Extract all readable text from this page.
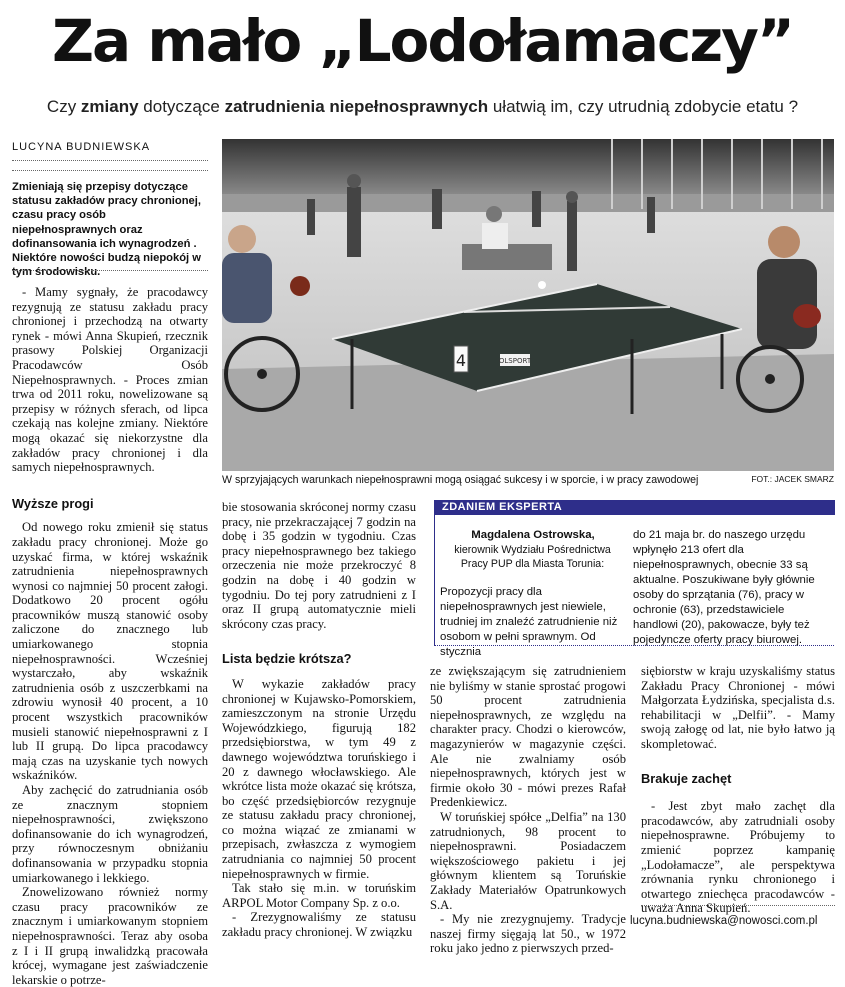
Za mało „Lodołamaczy”
Czy zmiany dotyczące zatrudnienia niepełnosprawnych ułatwią im, czy utrudnią zdobycie etatu ?
LUCYNA BUDNIEWSKA
Zmieniają się przepisy dotyczące statusu zakładów pracy chronionej, czasu pracy osób niepełnosprawnych oraz dofinansowania ich wynagrodzeń . Niektóre nowości budzą niepokój w tym środowisku.

- Mamy sygnały, że pracodawcy rezygnują ze statusu zakładu pracy chronionej i przechodzą na otwarty rynek - mówi Anna Skupień, rzecznik prasowy Polskiej Organizacji Pracodawców Osób Niepełnosprawnych. - Proces zmian trwa od 2011 roku, nowelizowane są przepisy w różnych sferach, od lipca czekają nas kolejne zmiany. Niektóre mogą okazać się niekorzystne dla zakładów pracy chronionej i dla samych niepełnosprawnych.

Wyższe progi

Od nowego roku zmienił się status zakładu pracy chronionej. Może go uzyskać firma, w której wskaźnik zatrudnienia niepełnosprawnych wynosi co najmniej 50 procent załogi. Dodatkowo 20 procent ogółu pracowników muszą stanowić osoby zaliczone do znacznego lub umiarkowanego stopnia niepełnosprawności. Wcześniej wystarczało, aby wskaźnik zatrudnienia osób z uszczerbkami na zdrowiu wynosił 40 procent, a 10 procent wszystkich pracowników musieli stanowić niepełnosprawni z I lub II grupą. Do lipca pracodawcy mają czas na uzyskanie tych nowych wskaźników.

Aby zachęcić do zatrudniania osób ze znacznym stopniem niepełnosprawności, zwiększono dofinansowanie do ich wynagrodzeń, przy równoczesnym obniżaniu dofinansowania w przypadku stopnia umiarkowanego i lekkiego.

Znowelizowano również normy czasu pracy pracowników ze znacznym i umiarkowanym stopniem niepełnosprawności. Teraz aby osoba z I i II grupą inwalidzką pracowała krócej, wymagane jest zaświadczenie lekarskie o potrze-

OLSPORT
4
W sprzyjających warunkach niepełnosprawni mogą osiągać sukcesy i w sporcie, i w pracy zawodowej	FOT.: JACEK SMARZ

bie stosowania skróconej normy czasu pracy, nie przekraczającej 7 godzin na dobę i 35 godzin w tygodniu. Czas pracy niepełnosprawnego bez takiego orzeczenia nie może przekroczyć 8 godzin na dobę i 40 godzin w tygodniu. Do tej pory zatrudnieni z I oraz II grupą automatycznie mieli skrócony czas pracy.

Lista będzie krótsza?

W wykazie zakładów pracy chronionej w Kujawsko-Pomorskiem, zamieszczonym na stronie Urzędu Wojewódzkiego, figurują 182 przedsiębiorstwa, w tym 49 z dawnego województwa toruńskiego i 20 z dawnego włocławskiego. Ale wkrótce lista może okazać się krótsza, bo część przedsiębiorców rezygnuje ze statusu zakładu pracy chronionej, co można wiązać ze zmianami w przepisach, zwłaszcza z wymogiem zatrudniania co najmniej 50 procent niepełnosprawnych w firmie.

Tak stało się m.in. w toruńskim ARPOL Motor Company Sp. z o.o.

- Zrezygnowaliśmy ze statusu zakładu pracy chronionej. W związku

ZDANIEM EKSPERTA
Magdalena Ostrowska,
kierownik Wydziału Pośrednictwa Pracy PUP dla Miasta Torunia:
Propozycji pracy dla niepełnosprawnych jest niewiele, trudniej im znaleźć zatrudnienie niż osobom w pełni sprawnym. Od stycznia
do 21 maja br. do naszego urzędu wpłynęło 213 ofert dla niepełnosprawnych, obecnie 33 są aktualne. Poszukiwane były głównie osoby do sprzątania (76), pracy w ochronie (63), przedstawiciele handlowi (20), pakowacze, były też pojedyncze oferty pracy biurowej.

ze zwiększającym się zatrudnieniem nie byliśmy w stanie sprostać progowi 50 procent zatrudnienia niepełnosprawnych, ze względu na charakter pracy. Chodzi o kierowców, magazynierów w magazynie części. Ale nie zwalniamy osób niepełnosprawnych, których jest w firmie około 30 - mówi prezes Rafał Predenkiewicz.

W toruńskiej spółce „Delfia” na 130 zatrudnionych, 98 procent to niepełnosprawni. Posiadaczem większościowego pakietu i jej głównym klientem są Toruńskie Zakłady Materiałów Opatrunkowych S.A.

- My nie zrezygnujemy. Tradycje naszej firmy sięgają lat 50., w 1972 roku jako jedno z pierwszych przed-

siębiorstw w kraju uzyskaliśmy status Zakładu Pracy Chronionej - mówi Małgorzata Łydzińska, specjalista d.s. rehabilitacji w „Delfii”. - Mamy swoją załogę od lat, nie było łatwo ją skompletować.

Brakuje zachęt

- Jest zbyt mało zachęt dla pracodawców, aby zatrudniali osoby niepełnosprawne. Próbujemy to zmienić poprzez kampanię „Lodołamacze”, ale perspektywa zrównania rynku chronionego i otwartego zniechęca pracodawców - uważa Anna Skupień.

lucyna.budniewska@nowosci.com.pl
